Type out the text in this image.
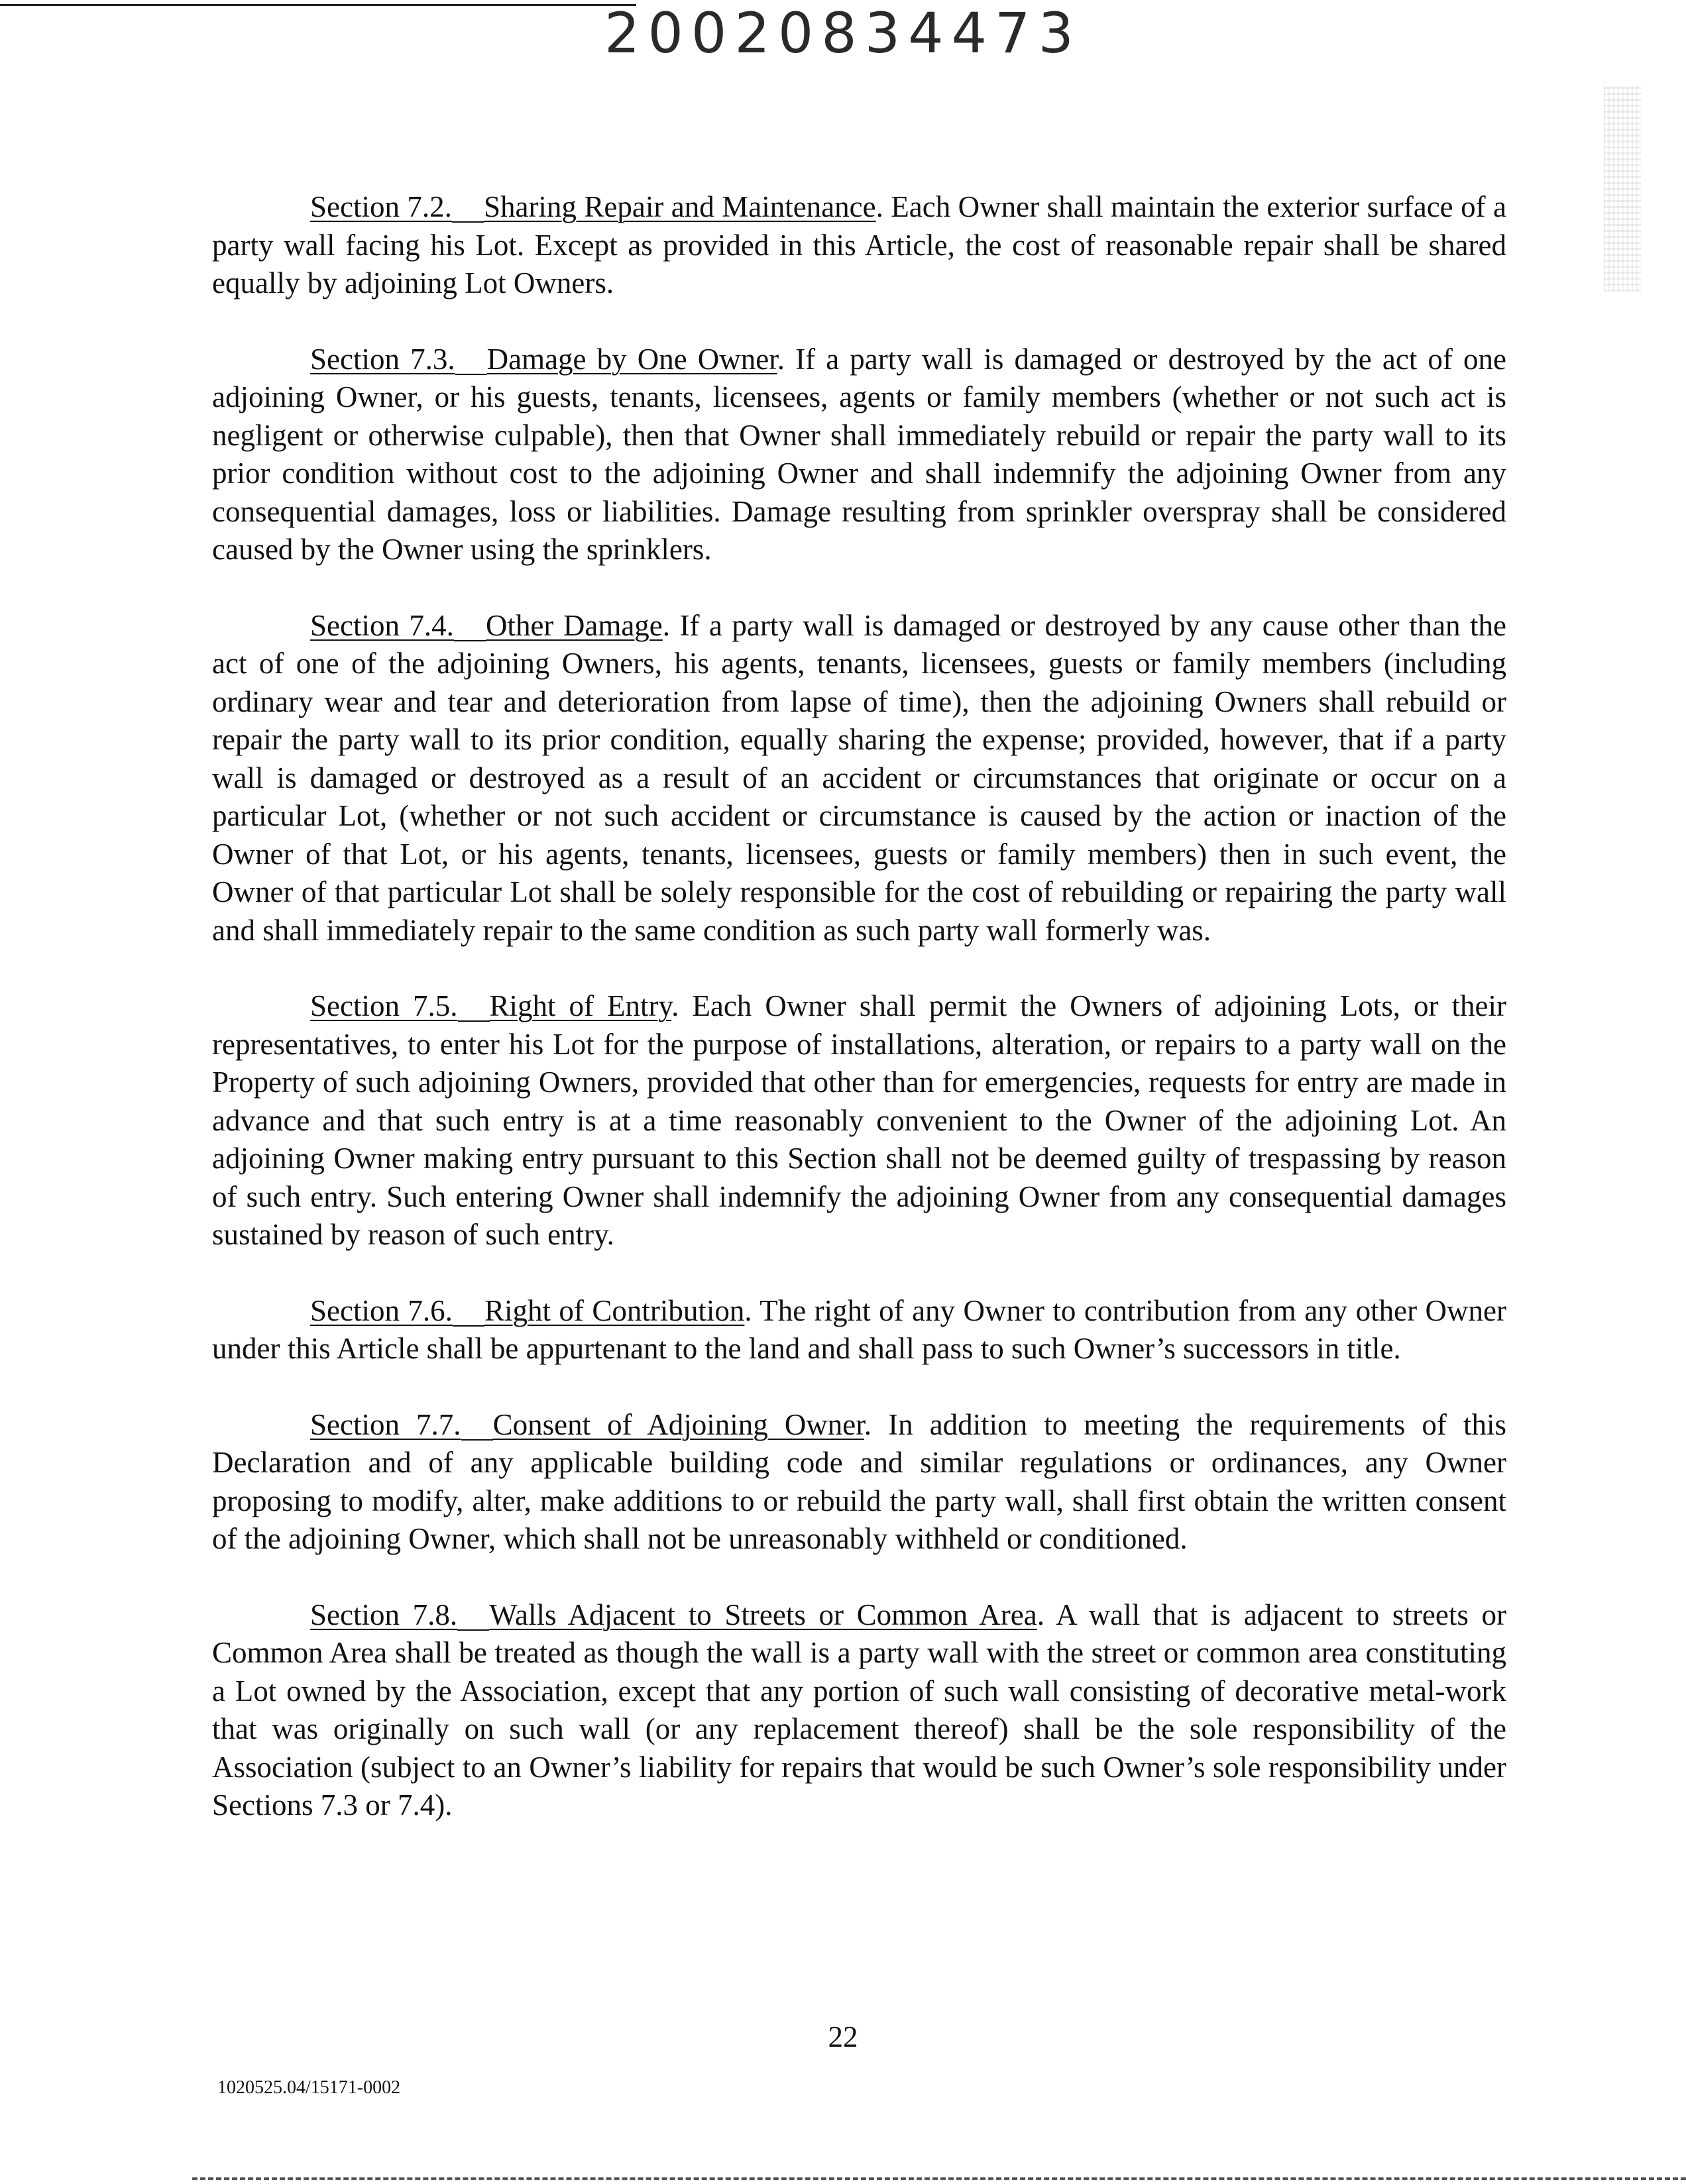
20020834473

Section 7.2. Sharing Repair and Maintenance. Each Owner shall maintain the exterior surface of a party wall facing his Lot. Except as provided in this Article, the cost of reasonable repair shall be shared equally by adjoining Lot Owners.

Section 7.3. Damage by One Owner. If a party wall is damaged or destroyed by the act of one adjoining Owner, or his guests, tenants, licensees, agents or family members (whether or not such act is negligent or otherwise culpable), then that Owner shall immediately rebuild or repair the party wall to its prior condition without cost to the adjoining Owner and shall indemnify the adjoining Owner from any consequential damages, loss or liabilities. Damage resulting from sprinkler overspray shall be considered caused by the Owner using the sprinklers.

Section 7.4. Other Damage. If a party wall is damaged or destroyed by any cause other than the act of one of the adjoining Owners, his agents, tenants, licensees, guests or family members (including ordinary wear and tear and deterioration from lapse of time), then the adjoining Owners shall rebuild or repair the party wall to its prior condition, equally sharing the expense; provided, however, that if a party wall is damaged or destroyed as a result of an accident or circumstances that originate or occur on a particular Lot, (whether or not such accident or circumstance is caused by the action or inaction of the Owner of that Lot, or his agents, tenants, licensees, guests or family members) then in such event, the Owner of that particular Lot shall be solely responsible for the cost of rebuilding or repairing the party wall and shall immediately repair to the same condition as such party wall formerly was.

Section 7.5. Right of Entry. Each Owner shall permit the Owners of adjoining Lots, or their representatives, to enter his Lot for the purpose of installations, alteration, or repairs to a party wall on the Property of such adjoining Owners, provided that other than for emergencies, requests for entry are made in advance and that such entry is at a time reasonably convenient to the Owner of the adjoining Lot. An adjoining Owner making entry pursuant to this Section shall not be deemed guilty of trespassing by reason of such entry. Such entering Owner shall indemnify the adjoining Owner from any consequential damages sustained by reason of such entry.

Section 7.6. Right of Contribution. The right of any Owner to contribution from any other Owner under this Article shall be appurtenant to the land and shall pass to such Owner’s successors in title.

Section 7.7. Consent of Adjoining Owner. In addition to meeting the requirements of this Declaration and of any applicable building code and similar regulations or ordinances, any Owner proposing to modify, alter, make additions to or rebuild the party wall, shall first obtain the written consent of the adjoining Owner, which shall not be unreasonably withheld or conditioned.

Section 7.8. Walls Adjacent to Streets or Common Area. A wall that is adjacent to streets or Common Area shall be treated as though the wall is a party wall with the street or common area constituting a Lot owned by the Association, except that any portion of such wall consisting of decorative metal-work that was originally on such wall (or any replacement thereof) shall be the sole responsibility of the Association (subject to an Owner’s liability for repairs that would be such Owner’s sole responsibility under Sections 7.3 or 7.4).

22
1020525.04/15171-0002
